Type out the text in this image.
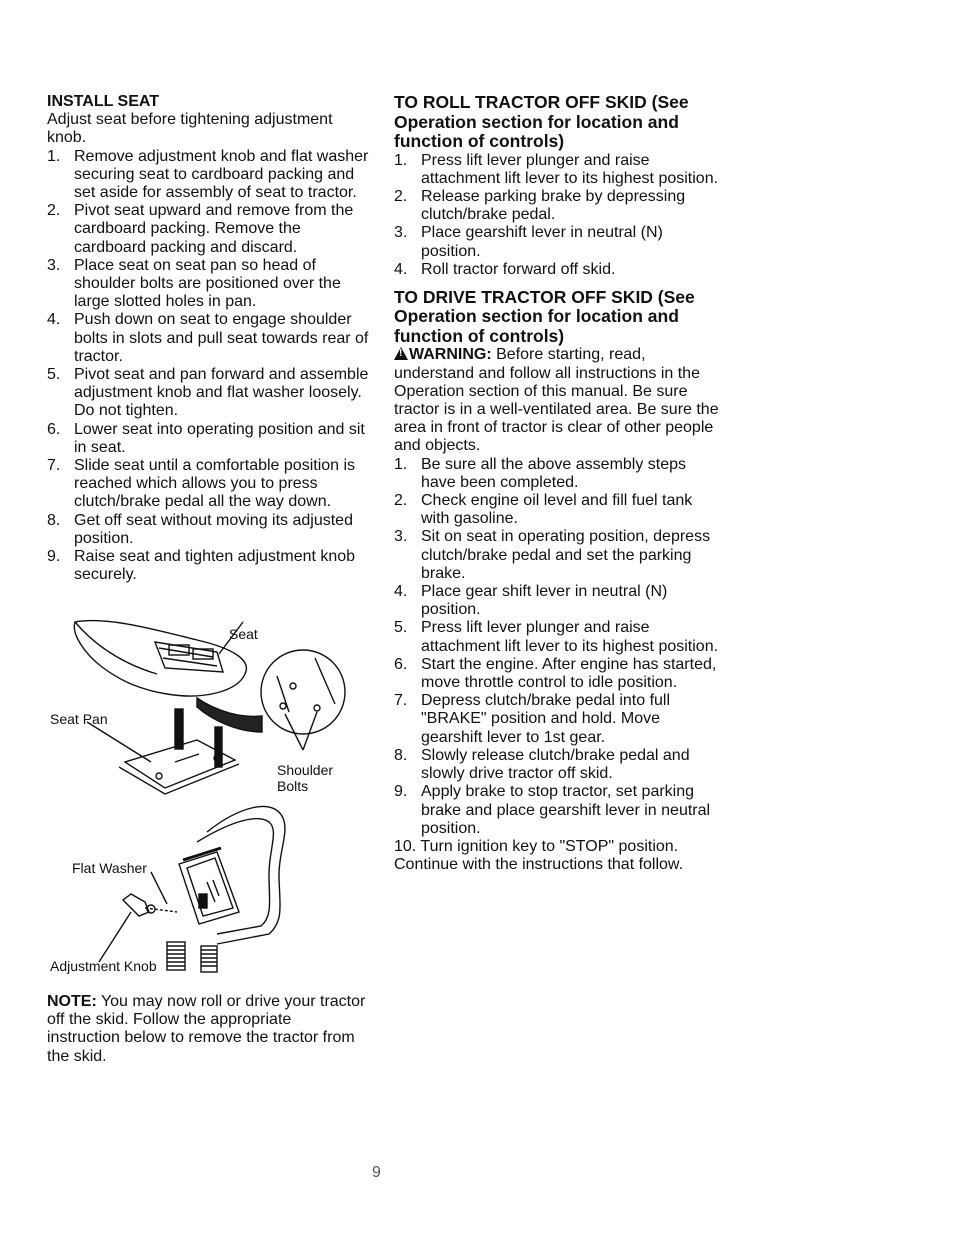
INSTALL SEAT

Adjust seat before tightening adjustment knob.

1. Remove adjustment knob and flat washer securing seat to cardboard packing and set aside for assembly of seat to tractor.
2. Pivot seat upward and remove from the cardboard packing. Remove the cardboard packing and discard.
3. Place seat on seat pan so head of shoulder bolts are positioned over the large slotted holes in pan.
4. Push down on seat to engage shoulder bolts in slots and pull seat towards rear of tractor.
5. Pivot seat and pan forward and assemble adjustment knob and flat washer loosely. Do not tighten.
6. Lower seat into operating position and sit in seat.
7. Slide seat until a comfortable position is reached which allows you to press clutch/brake pedal all the way down.
8. Get off seat without moving its adjusted position.
9. Raise seat and tighten adjustment knob securely.
Seat
Seat Pan
Shoulder Bolts
Flat Washer
Adjustment Knob

NOTE: You may now roll or drive your tractor off the skid. Follow the appropriate instruction below to remove the tractor from the skid.

TO ROLL TRACTOR OFF SKID (See
Operation section for location and function of controls)
1. Press lift lever plunger and raise attachment lift lever to its highest position.
2. Release parking brake by depressing clutch/brake pedal.
3. Place gearshift lever in neutral (N) position.
4. Roll tractor forward off skid.
TO DRIVE TRACTOR OFF SKID (See
Operation section for location and function of controls)

!WARNING: Before starting, read, understand and follow all instructions in the Operation section of this manual. Be sure tractor is in a well-ventilated area. Be sure the area in front of tractor is clear of other people and objects.

1. Be sure all the above assembly steps have been completed.
2. Check engine oil level and fill fuel tank with gasoline.
3. Sit on seat in operating position, depress clutch/brake pedal and set the parking brake.
4. Place gear shift lever in neutral (N) position.
5. Press lift lever plunger and raise attachment lift lever to its highest position.
6. Start the engine. After engine has started, move throttle control to idle position.
7. Depress clutch/brake pedal into full "BRAKE" position and hold. Move gearshift lever to 1st gear.
8. Slowly release clutch/brake pedal and slowly drive tractor off skid.
9. Apply brake to stop tractor, set parking brake and place gearshift lever in neutral position.
10. Turn ignition key to "STOP" position.

Continue with the instructions that follow.

9
